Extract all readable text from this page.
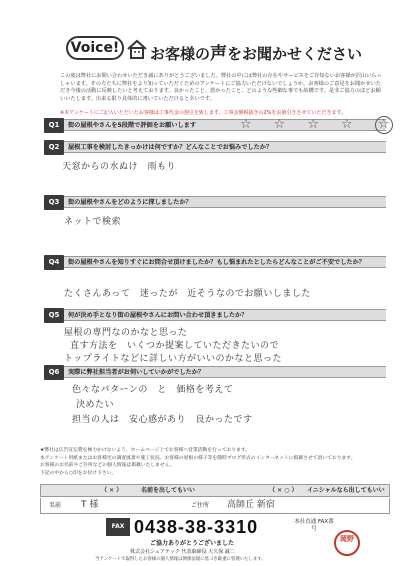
Voice!	お客様の声をお聞かせください
この度は弊社にお問い合わせいただき誠にありがとうございました。弊社の中には弊社の存在やサービスをご存知ないお客様が沢山いらっしゃいます。その方たちに弊社をより知っていただくためのアンケートにご協力いただけないでしょうか。お客様のご意見をお聞かせいただき今後の活動に反映したいと考えております。良かったこと、悪かったこと、どのような些細な事でも結構です。是非ご協力のほどお願いいたします。出来る限り具体的に書いていただけると幸いです。
※本アンケートにご記入いただいたお客様は工事代金の割引を致します。工事金額税抜きの2%をお値引きさせていただきます。
Q1	街の屋根やさんを5段階で評価をお願いします	☆ ☆ ☆ ☆ ☆
Q2	屋根工事を検討したきっかけは何ですか？どんなことでお悩みでしたか？
天窓からの水ぬけ　雨もり
Q3	街の屋根やさんをどのように探しましたか？
ネットで検索
Q4	街の屋根やさんを知りすぐにお問合せ頂けましたか？もし悩まれたとしたらどんなことがご不安でしたか？
たくさんあって　迷ったが　近そうなのでお願いしました
Q5	何が決め手となり街の屋根やさんにお問い合わせ頂きましたか？
屋根の専門なのかなと思った
直す方法を　いくつか提案していただきたいので
トップライトなどに詳しい方がいいのかなと思った
Q6	実際に弊社担当者がお伺いしていかがでしたか？
色々なパターンの　と　価格を考えて
決めたい
担当の人は　安心感があり　良かったです
★弊社は広告宣伝費を極力かけないよう、ホームページ上でお客様へ営業活動を行っております。
本アンケート用紙またはお客様宅の調査風景や施工状況、お客様の屋根の様子等を随時ブログ形式のインターネットに掲載させて頂いております。
お客様のお名前やご住所などの個人情報は掲載いたしません。
下記の中から○印をお付け下さい。
（ ✕ ）	名前を出してもいい	（ ✕ ○ ） イニシャルなら出してもいい
名前 T 様	ご住所 高師丘 新宿
FAX 0438-38-3310	本社直通 FAX番号
ご協力ありがとうございました
株式会社シェアテック 代表取締役 大久保 誠二
当アンケートで取得したお客様の個人情報は関係法規に基づき厳重に管理いたします。
岡野
